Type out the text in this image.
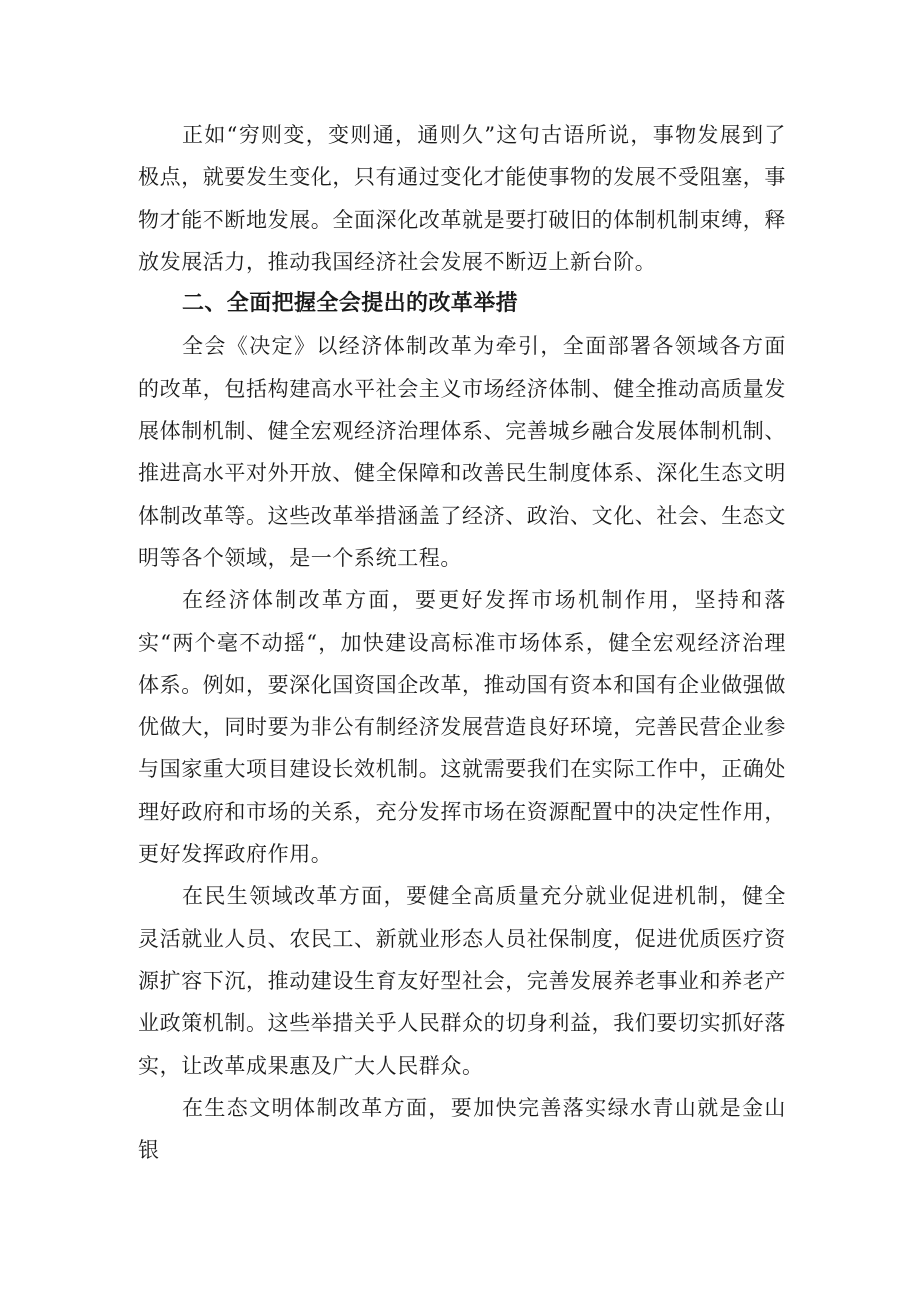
正如“穷则变，变则通，通则久”这句古语所说，事物发展到了极点，就要发生变化，只有通过变化才能使事物的发展不受阻塞，事物才能不断地发展。全面深化改革就是要打破旧的体制机制束缚，释放发展活力，推动我国经济社会发展不断迈上新台阶。

二、全面把握全会提出的改革举措

全会《决定》以经济体制改革为牵引，全面部署各领域各方面的改革，包括构建高水平社会主义市场经济体制、健全推动高质量发展体制机制、健全宏观经济治理体系、完善城乡融合发展体制机制、推进高水平对外开放、健全保障和改善民生制度体系、深化生态文明体制改革等。这些改革举措涵盖了经济、政治、文化、社会、生态文明等各个领域，是一个系统工程。

在经济体制改革方面，要更好发挥市场机制作用，坚持和落实“两个毫不动摇“，加快建设高标准市场体系，健全宏观经济治理体系。例如，要深化国资国企改革，推动国有资本和国有企业做强做优做大，同时要为非公有制经济发展营造良好环境，完善民营企业参与国家重大项目建设长效机制。这就需要我们在实际工作中，正确处理好政府和市场的关系，充分发挥市场在资源配置中的决定性作用，更好发挥政府作用。

在民生领域改革方面，要健全高质量充分就业促进机制，健全灵活就业人员、农民工、新就业形态人员社保制度，促进优质医疗资源扩容下沉，推动建设生育友好型社会，完善发展养老事业和养老产业政策机制。这些举措关乎人民群众的切身利益，我们要切实抓好落实，让改革成果惠及广大人民群众。

在生态文明体制改革方面，要加快完善落实绿水青山就是金山银
